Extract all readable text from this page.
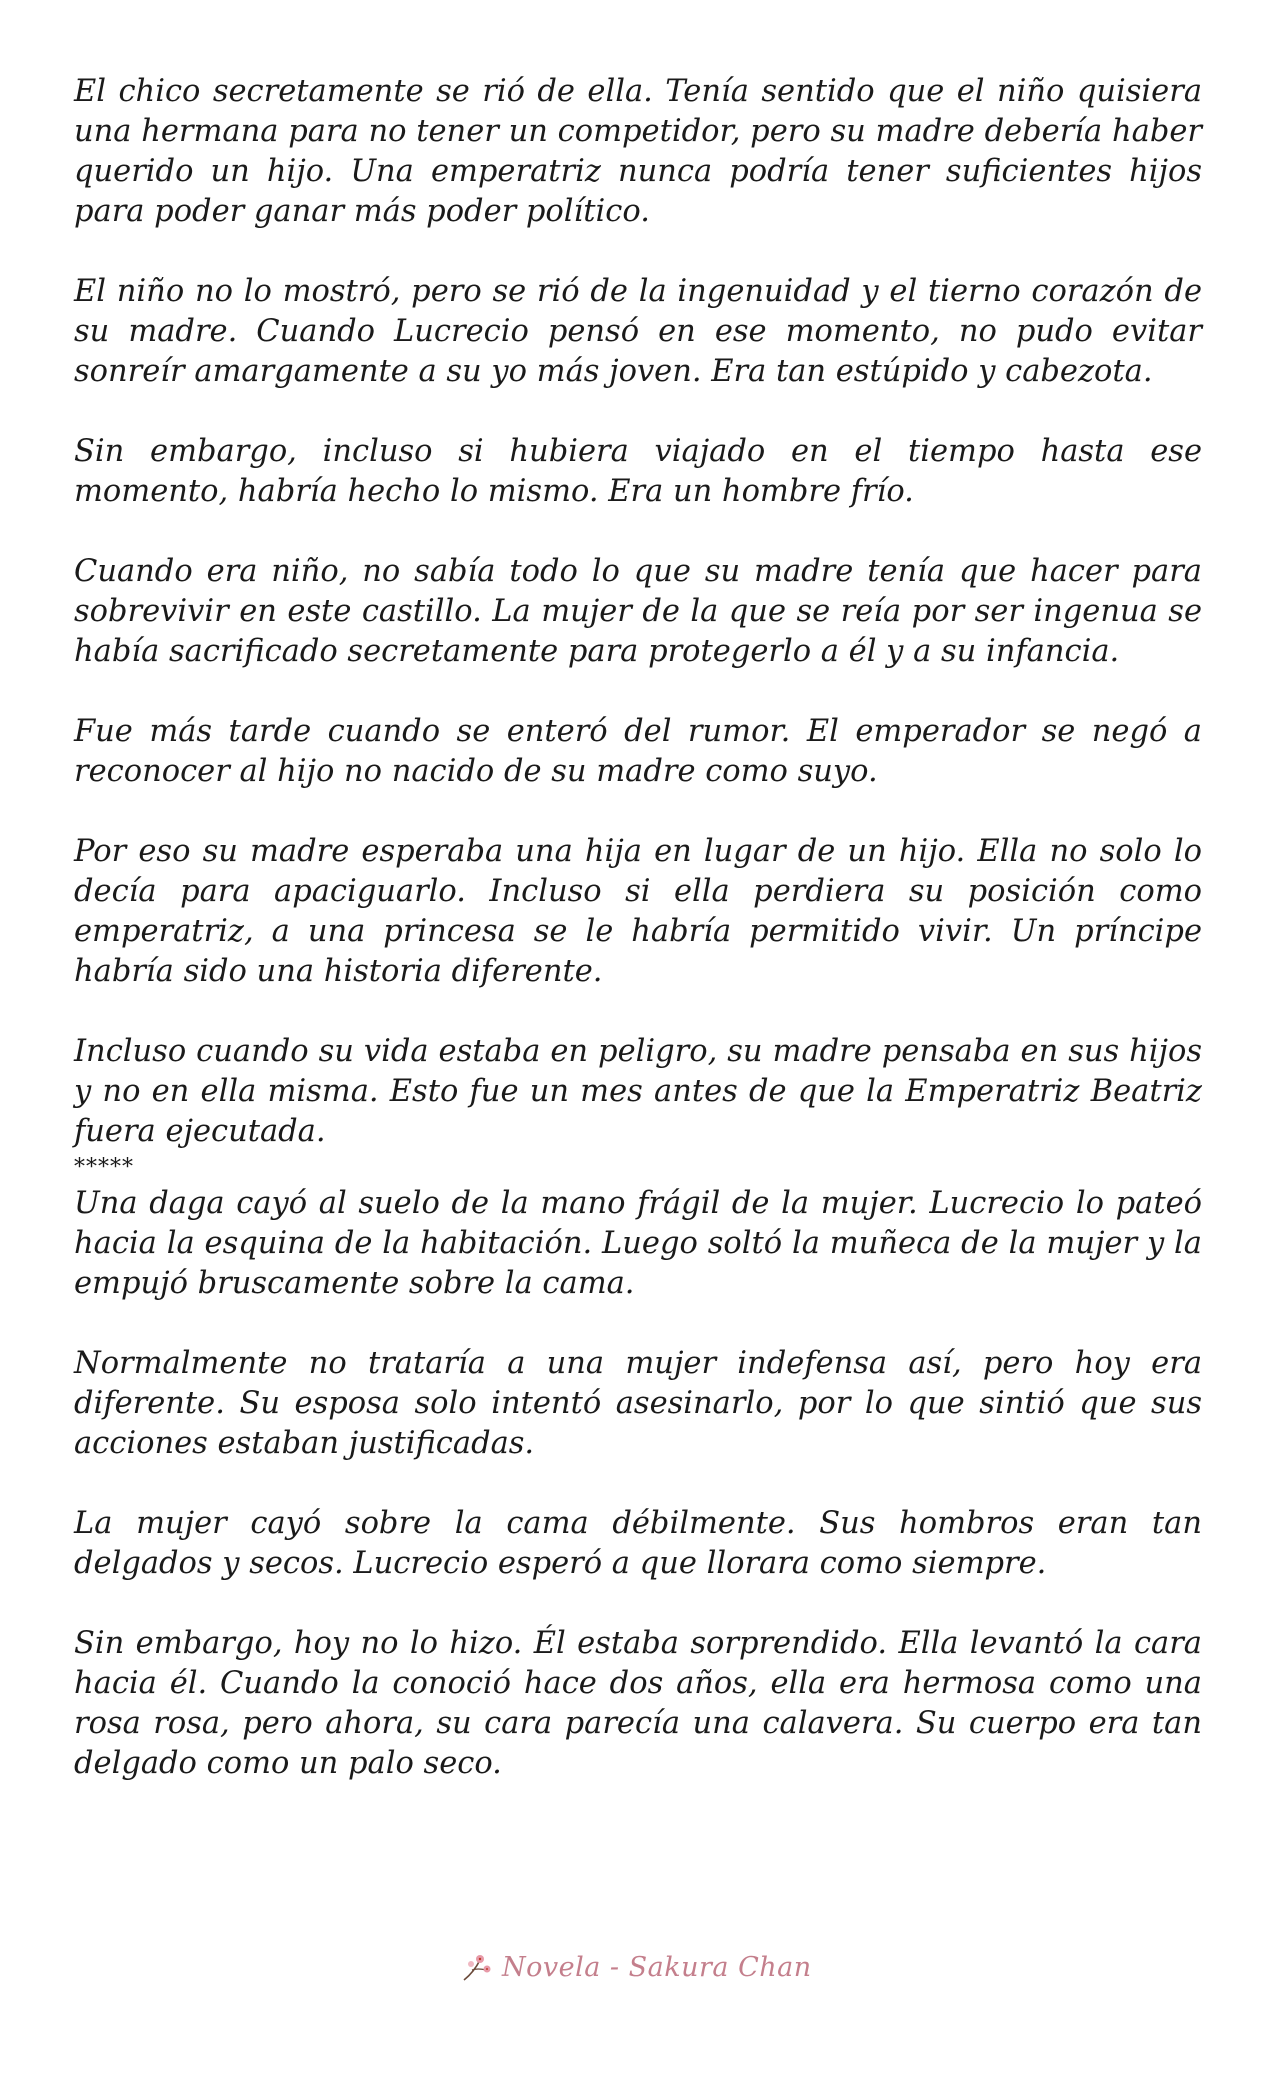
El chico secretamente se rió de ella. Tenía sentido que el niño quisiera una hermana para no tener un competidor, pero su madre debería haber querido un hijo. Una emperatriz nunca podría tener suficientes hijos para poder ganar más poder político.

El niño no lo mostró, pero se rió de la ingenuidad y el tierno corazón de su madre. Cuando Lucrecio pensó en ese momento, no pudo evitar sonreír amargamente a su yo más joven. Era tan estúpido y cabezota.

Sin embargo, incluso si hubiera viajado en el tiempo hasta ese momento, habría hecho lo mismo. Era un hombre frío.

Cuando era niño, no sabía todo lo que su madre tenía que hacer para sobrevivir en este castillo. La mujer de la que se reía por ser ingenua se había sacrificado secretamente para protegerlo a él y a su infancia.

Fue más tarde cuando se enteró del rumor. El emperador se negó a reconocer al hijo no nacido de su madre como suyo.

Por eso su madre esperaba una hija en lugar de un hijo. Ella no solo lo decía para apaciguarlo. Incluso si ella perdiera su posición como emperatriz, a una princesa se le habría permitido vivir. Un príncipe habría sido una historia diferente.

Incluso cuando su vida estaba en peligro, su madre pensaba en sus hijos y no en ella misma. Esto fue un mes antes de que la Emperatriz Beatriz fuera ejecutada.

*****

Una daga cayó al suelo de la mano frágil de la mujer. Lucrecio lo pateó hacia la esquina de la habitación. Luego soltó la muñeca de la mujer y la empujó bruscamente sobre la cama.

Normalmente no trataría a una mujer indefensa así, pero hoy era diferente. Su esposa solo intentó asesinarlo, por lo que sintió que sus acciones estaban justificadas.

La mujer cayó sobre la cama débilmente. Sus hombros eran tan delgados y secos. Lucrecio esperó a que llorara como siempre.

Sin embargo, hoy no lo hizo. Él estaba sorprendido. Ella levantó la cara hacia él. Cuando la conoció hace dos años, ella era hermosa como una rosa rosa, pero ahora, su cara parecía una calavera. Su cuerpo era tan delgado como un palo seco.

Novela - Sakura Chan
